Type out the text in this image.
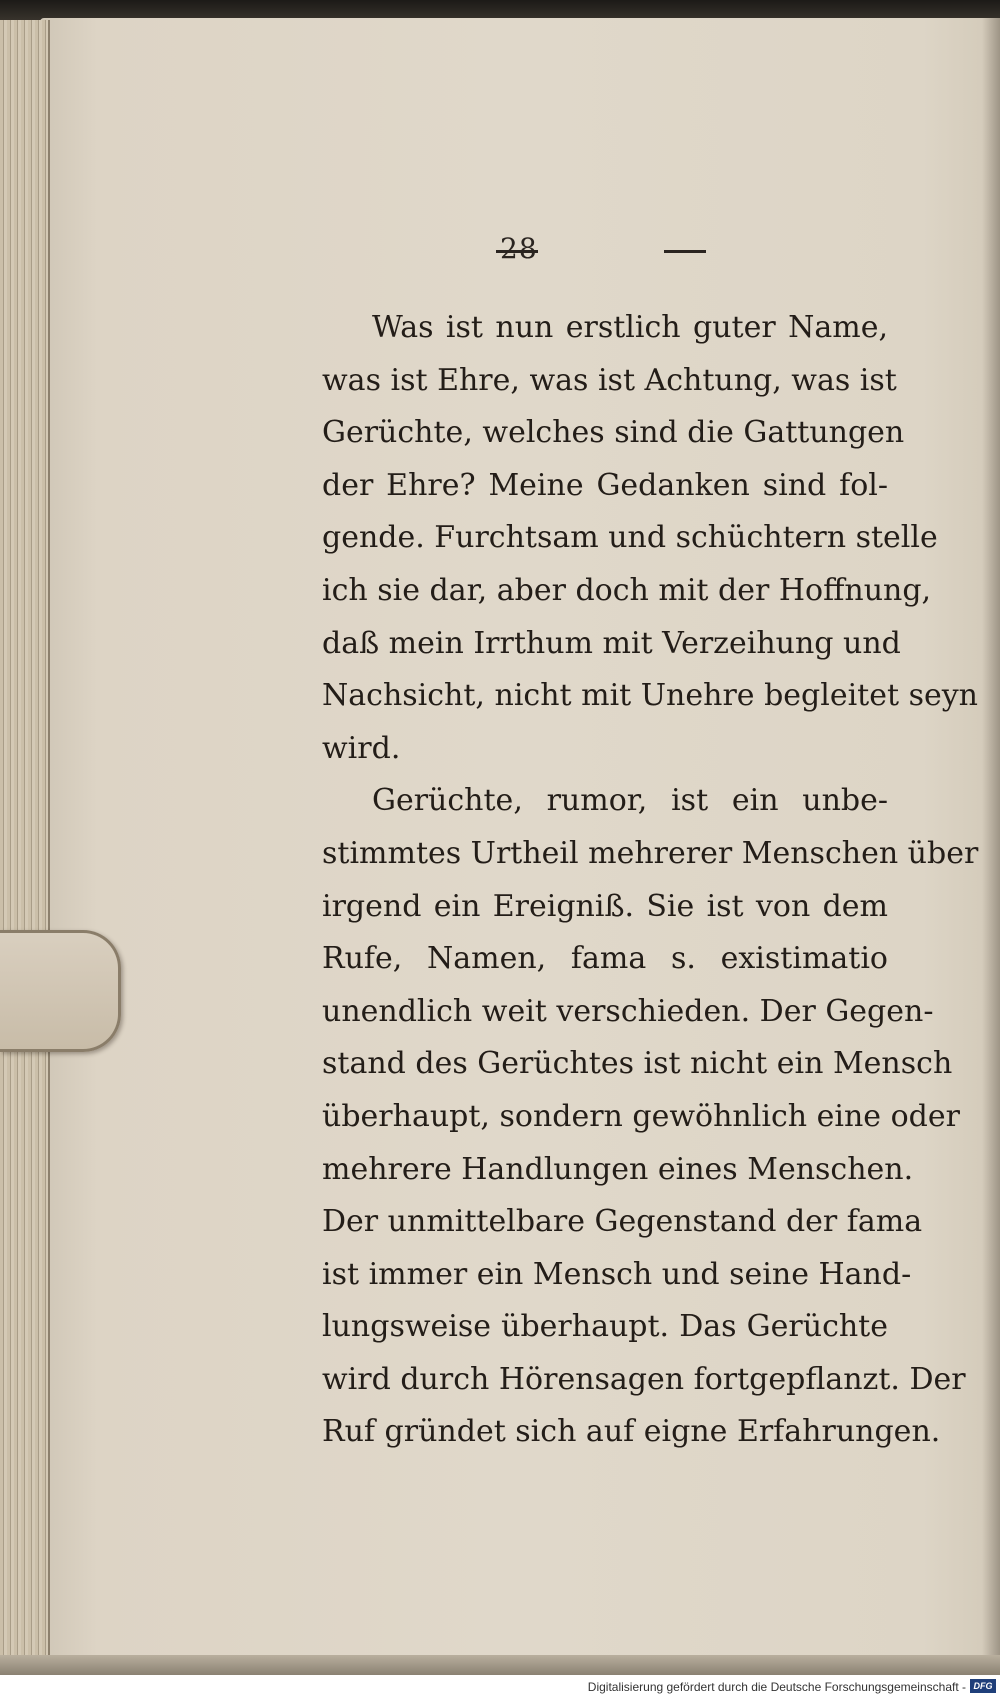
28
Was ist nun erstlich guter Name,
was ist Ehre, was ist Achtung, was ist
Gerüchte, welches sind die Gattungen
der Ehre? Meine Gedanken sind fol-
gende. Furchtsam und schüchtern stelle
ich sie dar, aber doch mit der Hoffnung,
daß mein Irrthum mit Verzeihung und
Nachsicht, nicht mit Unehre begleitet seyn
wird.
Gerüchte, rumor, ist ein unbe-
stimmtes Urtheil mehrerer Menschen über
irgend ein Ereigniß. Sie ist von dem
Rufe, Namen, fama s. existimatio
unendlich weit verschieden. Der Gegen-
stand des Gerüchtes ist nicht ein Mensch
überhaupt, sondern gewöhnlich eine oder
mehrere Handlungen eines Menschen.
Der unmittelbare Gegenstand der fama
ist immer ein Mensch und seine Hand-
lungsweise überhaupt. Das Gerüchte
wird durch Hörensagen fortgepflanzt. Der
Ruf gründet sich auf eigne Erfahrungen.
Digitalisierung gefördert durch die Deutsche Forschungsgemeinschaft - DFG
